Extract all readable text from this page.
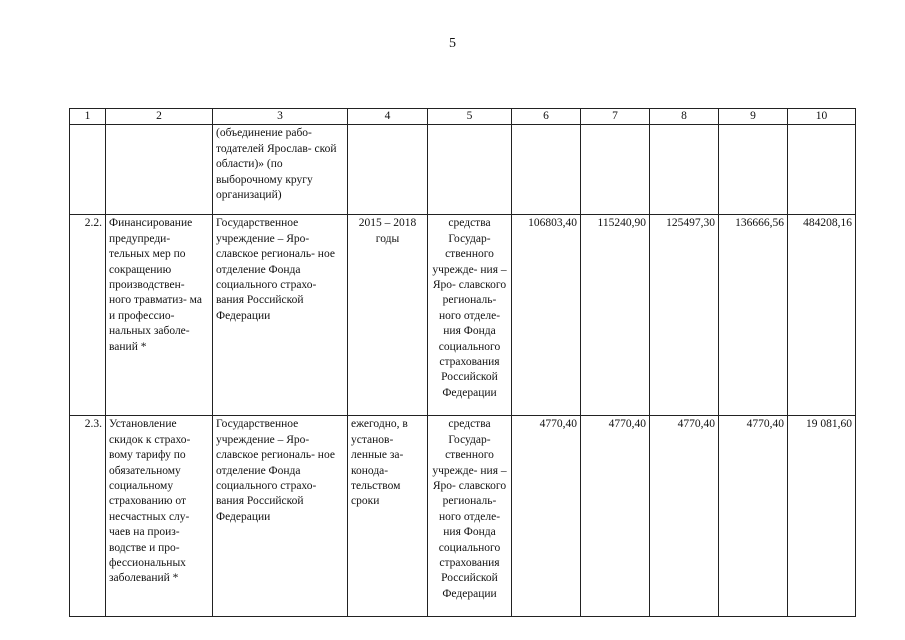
5
1	2	3	4	5	6	7	8	9	10
		(объединение рабо- тодателей Ярослав- ской области)» (по выборочному кругу организаций)							
2.2.	Финансирование предупреди- тельных мер по сокращению производствен- ного травматиз- ма и профессио- нальных заболе- ваний *	Государственное учреждение – Яро- славское региональ- ное отделение Фонда социального страхо- вания Российской Федерации	2015 – 2018 годы	средства Государ- ственного учрежде- ния – Яро- славского региональ- ного отделе- ния Фонда социального страхования Российской Федерации	106803,40	115240,90	125497,30	136666,56	484208,16
2.3.	Установление скидок к страхо- вому тарифу по обязательному социальному страхованию от несчастных слу- чаев на произ- водстве и про- фессиональных заболеваний *	Государственное учреждение – Яро- славское региональ- ное отделение Фонда социального страхо- вания Российской Федерации	ежегодно, в установ- ленные за- конода- тельством сроки	средства Государ- ственного учрежде- ния – Яро- славского региональ- ного отделе- ния Фонда социального страхования Российской Федерации	4770,40	4770,40	4770,40	4770,40	19 081,60
